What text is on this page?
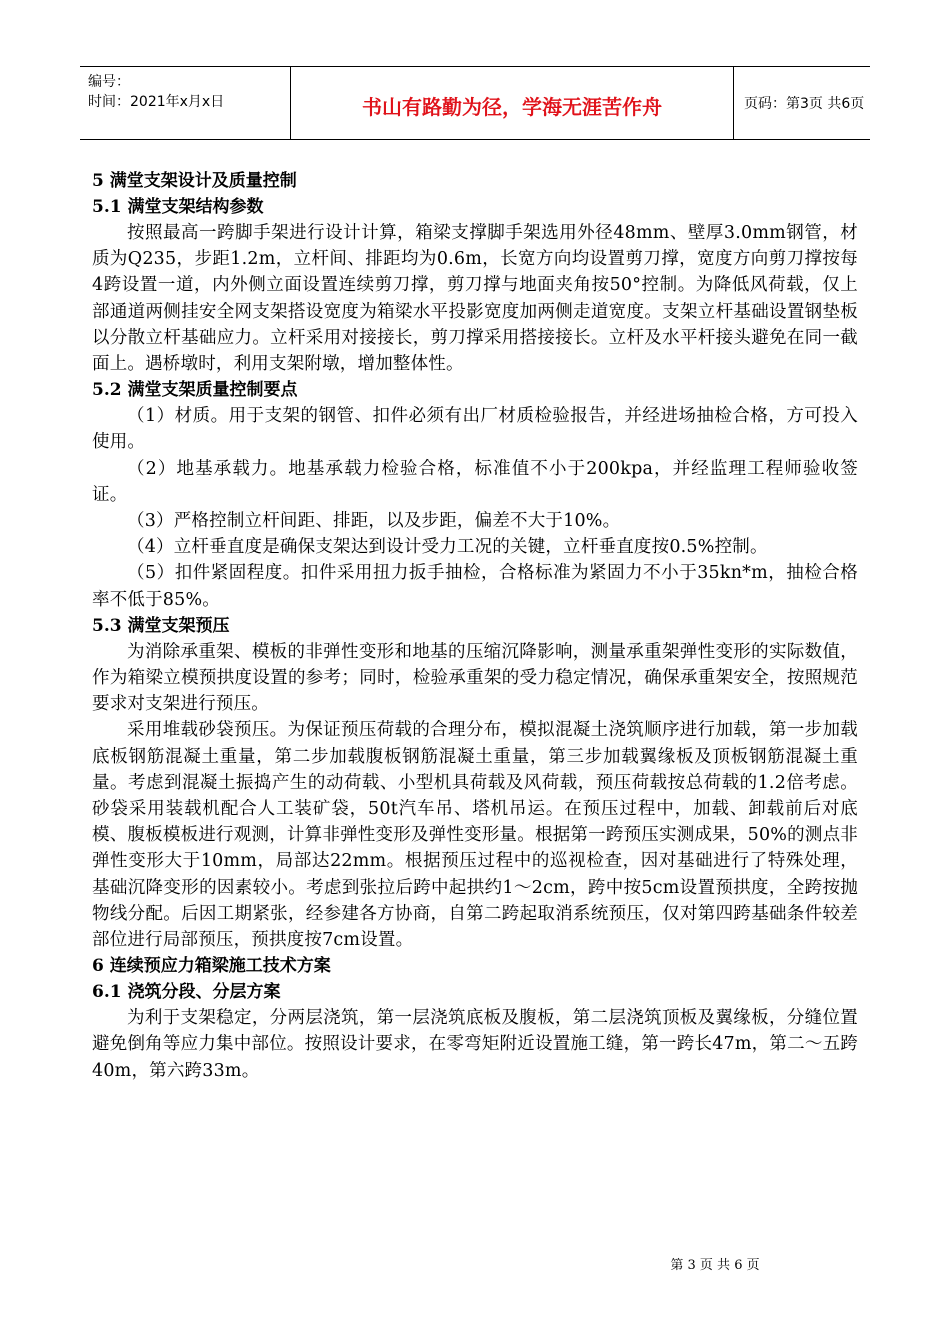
编号：
时间：2021年x月x日	书山有路勤为径，学海无涯苦作舟	页码：第3页 共6页
5 满堂支架设计及质量控制
5.1 满堂支架结构参数

按照最高一跨脚手架进行设计计算，箱梁支撑脚手架选用外径48mm、壁厚3.0mm钢管，材质为Q235，步距1.2m，立杆间、排距均为0.6m，长宽方向均设置剪刀撑，宽度方向剪刀撑按每4跨设置一道，内外侧立面设置连续剪刀撑，剪刀撑与地面夹角按50°控制。为降低风荷载，仅上部通道两侧挂安全网支架搭设宽度为箱梁水平投影宽度加两侧走道宽度。支架立杆基础设置钢垫板以分散立杆基础应力。立杆采用对接接长，剪刀撑采用搭接接长。立杆及水平杆接头避免在同一截面上。遇桥墩时，利用支架附墩，增加整体性。

5.2 满堂支架质量控制要点

（1）材质。用于支架的钢管、扣件必须有出厂材质检验报告，并经进场抽检合格，方可投入使用。

（2）地基承载力。地基承载力检验合格，标准值不小于200kpa，并经监理工程师验收签证。

（3）严格控制立杆间距、排距，以及步距，偏差不大于10%。

（4）立杆垂直度是确保支架达到设计受力工况的关键，立杆垂直度按0.5%控制。

（5）扣件紧固程度。扣件采用扭力扳手抽检，合格标准为紧固力不小于35kn*m，抽检合格率不低于85%。

5.3 满堂支架预压

为消除承重架、模板的非弹性变形和地基的压缩沉降影响，测量承重架弹性变形的实际数值，作为箱梁立模预拱度设置的参考；同时，检验承重架的受力稳定情况，确保承重架安全，按照规范要求对支架进行预压。

采用堆载砂袋预压。为保证预压荷载的合理分布，模拟混凝土浇筑顺序进行加载，第一步加载底板钢筋混凝土重量，第二步加载腹板钢筋混凝土重量，第三步加载翼缘板及顶板钢筋混凝土重量。考虑到混凝土振捣产生的动荷载、小型机具荷载及风荷载，预压荷载按总荷载的1.2倍考虑。砂袋采用装载机配合人工装矿袋，50t汽车吊、塔机吊运。在预压过程中，加载、卸载前后对底模、腹板模板进行观测，计算非弹性变形及弹性变形量。根据第一跨预压实测成果，50%的测点非弹性变形大于10mm，局部达22mm。根据预压过程中的巡视检查，因对基础进行了特殊处理，基础沉降变形的因素较小。考虑到张拉后跨中起拱约1～2cm，跨中按5cm设置预拱度，全跨按抛物线分配。后因工期紧张，经参建各方协商，自第二跨起取消系统预压，仅对第四跨基础条件较差部位进行局部预压，预拱度按7cm设置。

6 连续预应力箱梁施工技术方案
6.1 浇筑分段、分层方案

为利于支架稳定，分两层浇筑，第一层浇筑底板及腹板，第二层浇筑顶板及翼缘板，分缝位置避免倒角等应力集中部位。按照设计要求，在零弯矩附近设置施工缝，第一跨长47m，第二～五跨40m，第六跨33m。

第 3 页 共 6 页
